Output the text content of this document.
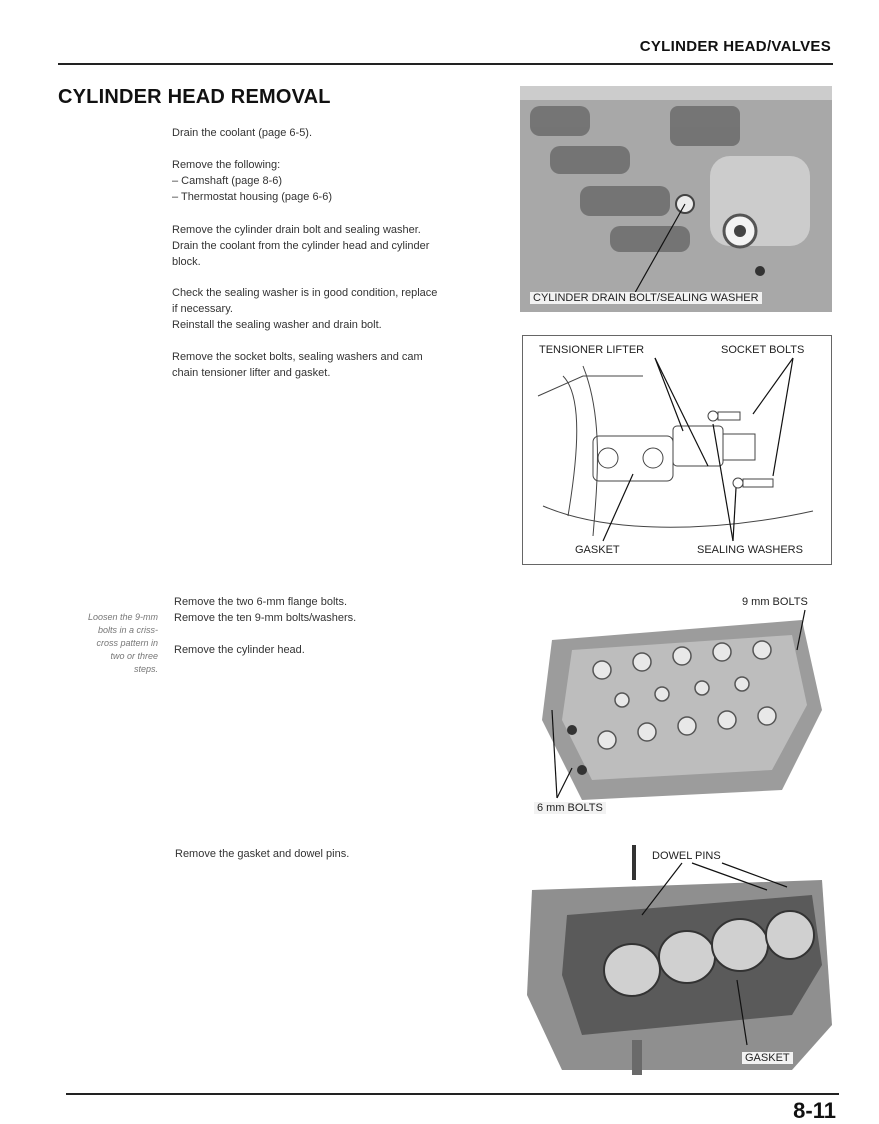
CYLINDER HEAD/VALVES
CYLINDER HEAD REMOVAL

Drain the coolant (page 6-5).

Remove the following:

– Camshaft (page 8-6)

– Thermostat housing (page 6-6)

Remove the cylinder drain bolt and sealing washer.

Drain the coolant from the cylinder head and cylinder

block.

Check the sealing washer is in good condition, replace

if necessary.

Reinstall the sealing washer and drain bolt.

Remove the socket bolts, sealing washers and cam

chain tensioner lifter and gasket.

Loosen the 9-mm
bolts in a criss-
cross pattern in
two or three
steps.

Remove the two 6-mm flange bolts.

Remove the ten 9-mm bolts/washers.

Remove the cylinder head.

Remove the gasket and dowel pins.

CYLINDER DRAIN BOLT/SEALING WASHER
TENSIONER LIFTER	SOCKET BOLTS
GASKET	SEALING WASHERS
9 mm BOLTS
6 mm BOLTS
DOWEL PINS
GASKET
8-11
